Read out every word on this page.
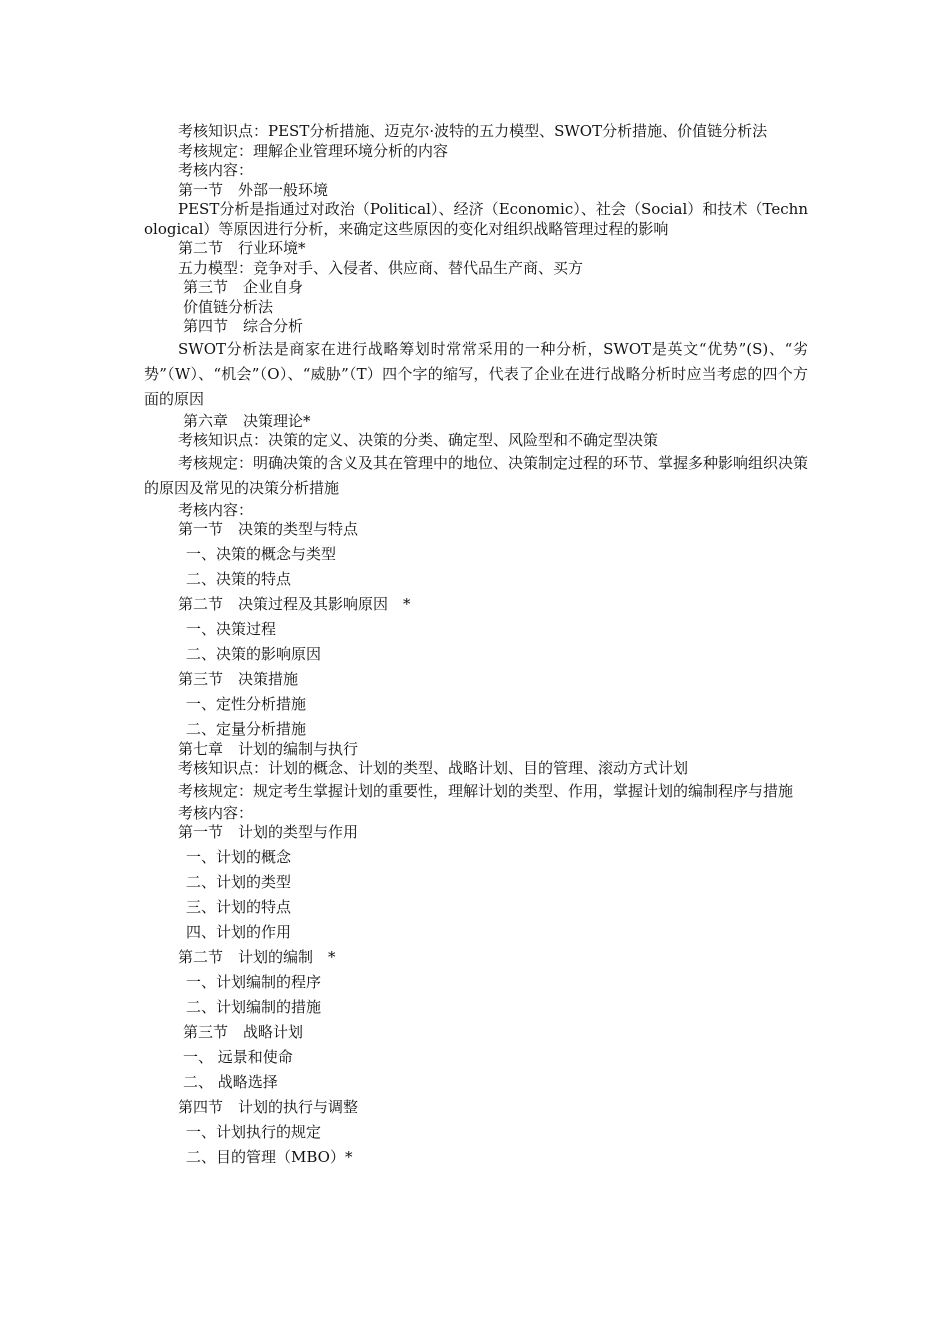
考核知识点：PEST分析措施、迈克尔·波特的五力模型、SWOT分析措施、价值链分析法
考核规定：理解企业管理环境分析的内容
考核内容：
第一节　外部一般环境
PEST分析是指通过对政治（Political）、经济（Economic）、社会（Social）和技术（Technological）等原因进行分析，来确定这些原因的变化对组织战略管理过程的影响
第二节　行业环境*
五力模型：竞争对手、入侵者、供应商、替代品生产商、买方
第三节　企业自身
价值链分析法
第四节　综合分析
SWOT分析法是商家在进行战略筹划时常常采用的一种分析，SWOT是英文“优势”(S)、“劣势”（W）、“机会”（O）、“威胁”（T）四个字的缩写，代表了企业在进行战略分析时应当考虑的四个方面的原因
第六章　决策理论*
考核知识点：决策的定义、决策的分类、确定型、风险型和不确定型决策
考核规定：明确决策的含义及其在管理中的地位、决策制定过程的环节、掌握多种影响组织决策的原因及常见的决策分析措施
考核内容：
第一节　决策的类型与特点
一、决策的概念与类型
二、决策的特点
第二节　决策过程及其影响原因　*
一、决策过程
二、决策的影响原因
第三节　决策措施
一、定性分析措施
二、定量分析措施
第七章　计划的编制与执行
考核知识点：计划的概念、计划的类型、战略计划、目的管理、滚动方式计划
考核规定：规定考生掌握计划的重要性，理解计划的类型、作用，掌握计划的编制程序与措施
考核内容：
第一节　计划的类型与作用
一、计划的概念
二、计划的类型
三、计划的特点
四、计划的作用
第二节　计划的编制　*
一、计划编制的程序
二、计划编制的措施
第三节　战略计划
一、 远景和使命
二、 战略选择
第四节　计划的执行与调整
一、计划执行的规定
二、目的管理（MBO）*
